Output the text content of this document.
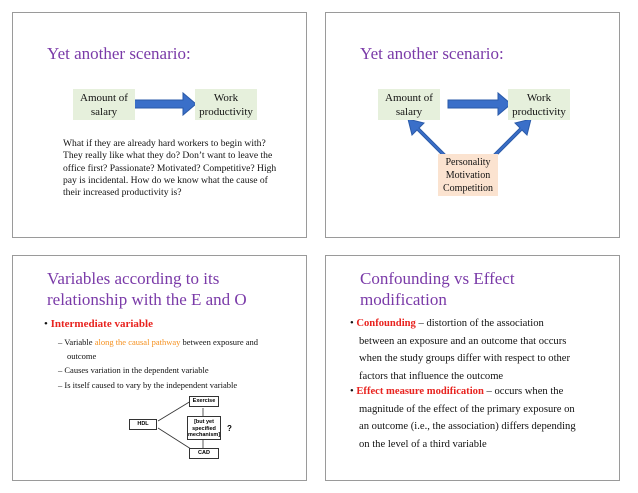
Yet another scenario:
Amount of salary
Work productivity
What if they are already hard workers to begin with? They really like what they do? Don’t want to leave the office first? Passionate? Motivated? Competitive? High pay is incidental. How do we know what the cause of their increased productivity is?
Yet another scenario:
Amount of salary
Work productivity
Personality
Motivation
Competition
Variables according to its
relationship with the E and O
• Intermediate variable
– Variable along the causal pathway between exposure and
outcome
– Causes variation in the dependent variable
– Is itself caused to vary by the independent variable
Exercise
HDL	[but yet
specified
mechanism]
?
CAD
Confounding vs Effect
modification
• Confounding – distortion of the association
between an exposure and an outcome that occurs
when the study groups differ with respect to other
factors that influence the outcome
• Effect measure modification – occurs when the
magnitude of the effect of the primary exposure on
an outcome (i.e., the association) differs depending
on the level of a third variable
